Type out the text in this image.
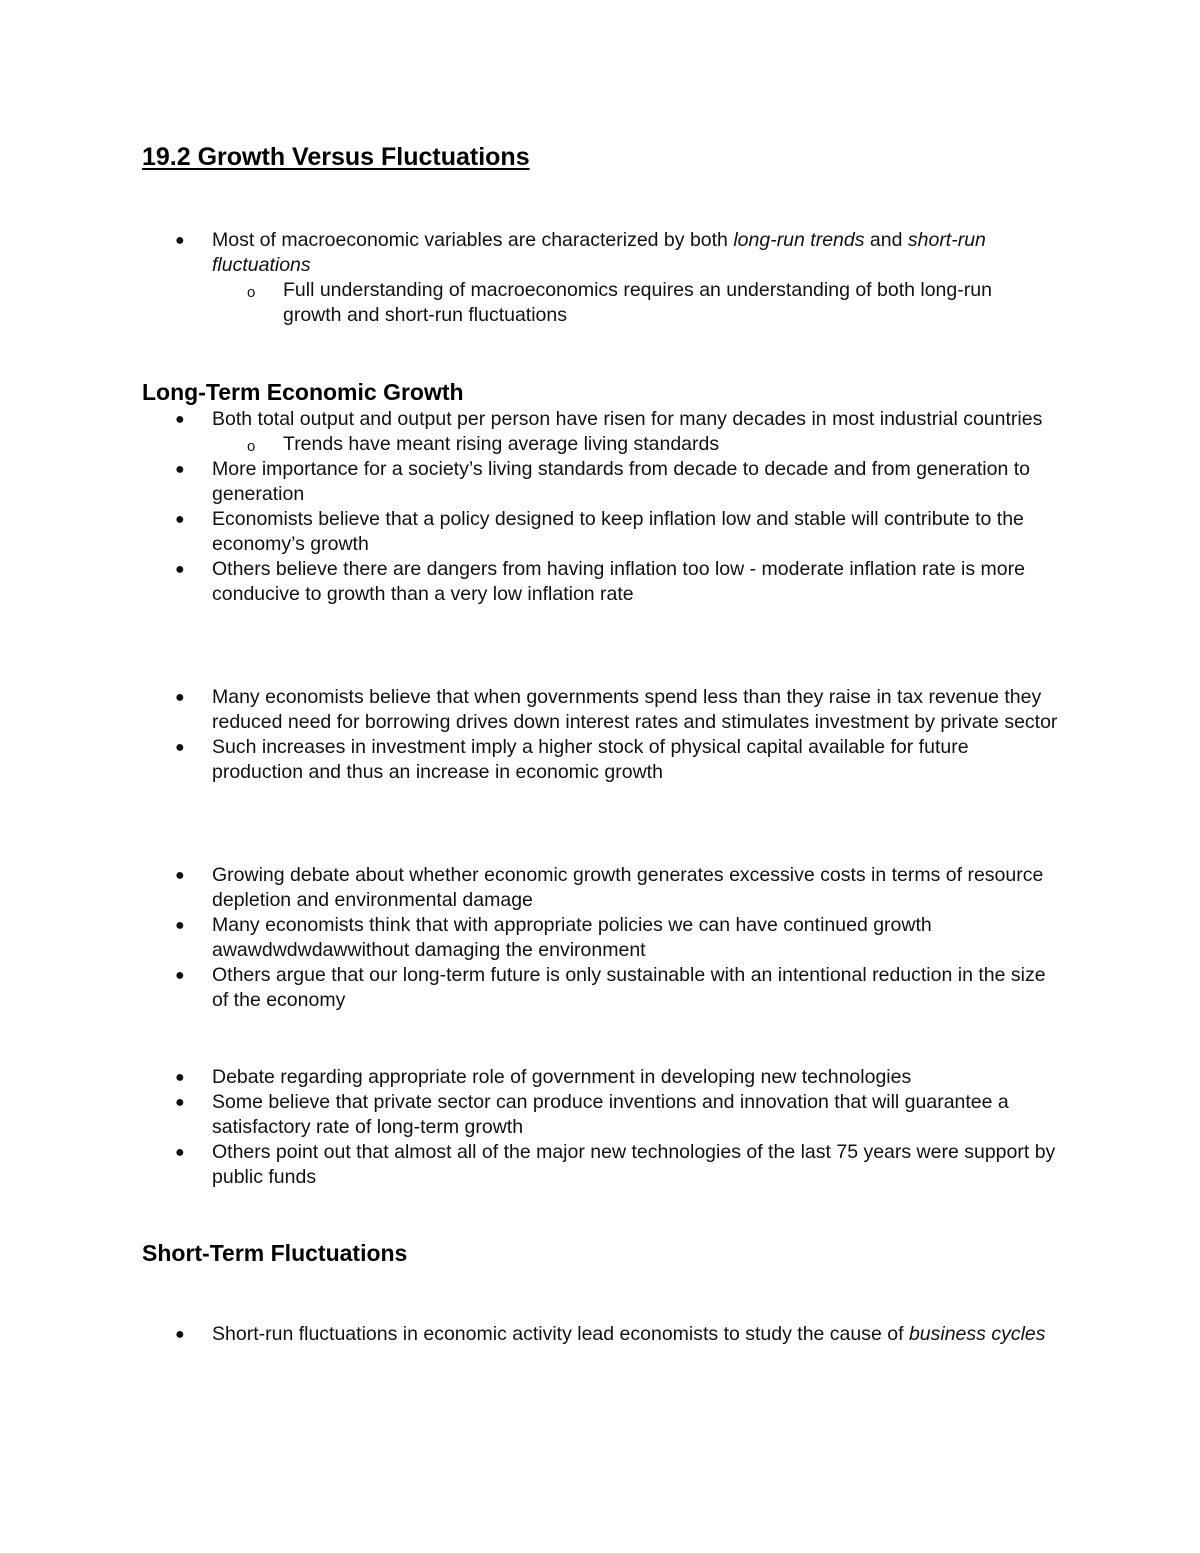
19.2 Growth Versus Fluctuations
● Most of macroeconomic variables are characterized by both long-run trends and short-run fluctuations
o Full understanding of macroeconomics requires an understanding of both long-run growth and short-run fluctuations
Long-Term Economic Growth
● Both total output and output per person have risen for many decades in most industrial countries
o Trends have meant rising average living standards
● More importance for a society’s living standards from decade to decade and from generation to generation
● Economists believe that a policy designed to keep inflation low and stable will contribute to the economy’s growth
● Others believe there are dangers from having inflation too low - moderate inflation rate is more conducive to growth than a very low inflation rate
● Many economists believe that when governments spend less than they raise in tax revenue they reduced need for borrowing drives down interest rates and stimulates investment by private sector
● Such increases in investment imply a higher stock of physical capital available for future production and thus an increase in economic growth
● Growing debate about whether economic growth generates excessive costs in terms of resource depletion and environmental damage
● Many economists think that with appropriate policies we can have continued growth awawdwdwdawwithout damaging the environment
● Others argue that our long-term future is only sustainable with an intentional reduction in the size of the economy
● Debate regarding appropriate role of government in developing new technologies
● Some believe that private sector can produce inventions and innovation that will guarantee a satisfactory rate of long-term growth
● Others point out that almost all of the major new technologies of the last 75 years were support by public funds
Short-Term Fluctuations
● Short-run fluctuations in economic activity lead economists to study the cause of business cycles
